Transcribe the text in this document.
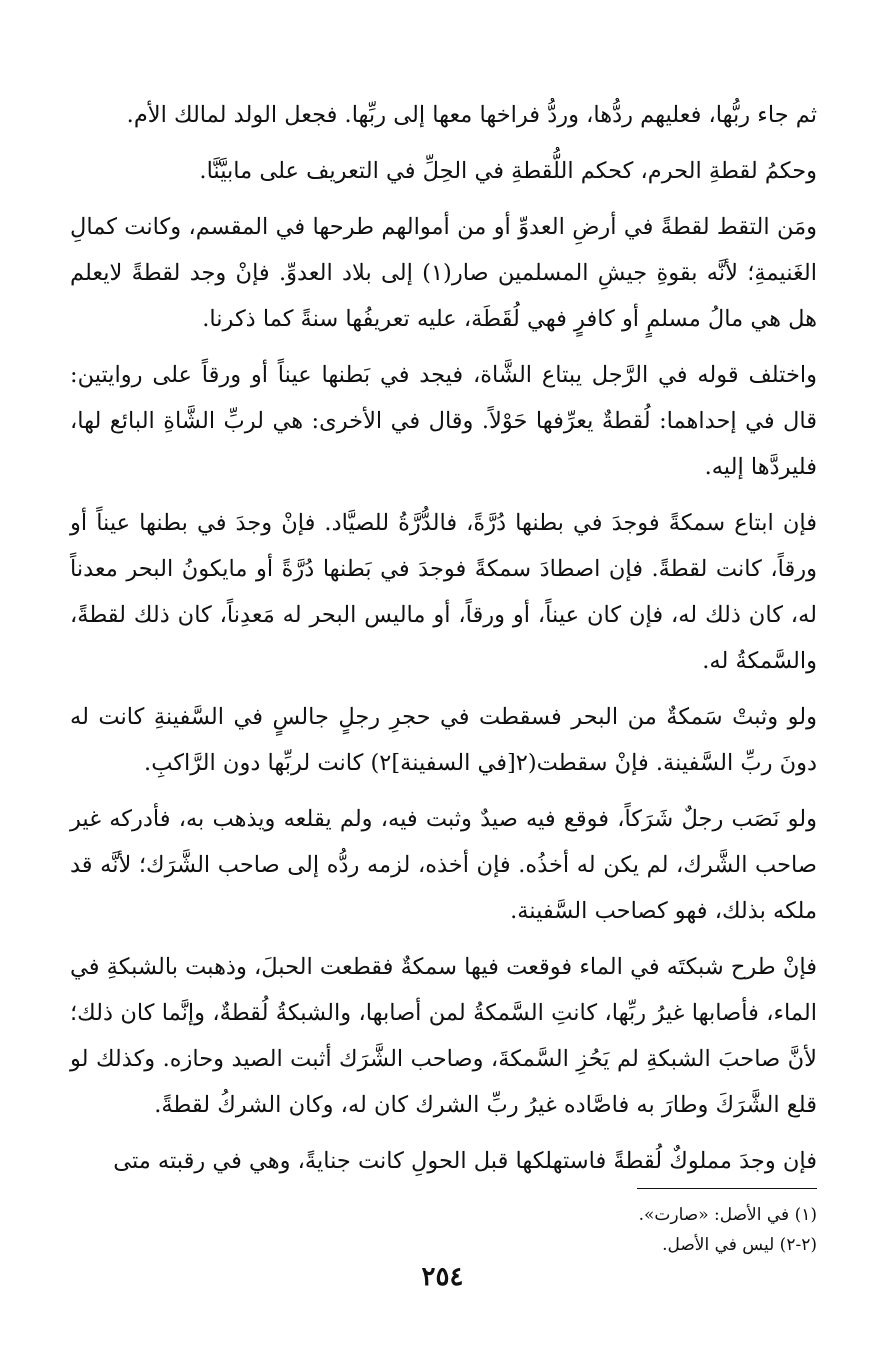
ثم جاء ربُّها، فعليهم ردُّها، وردُّ فراخها معها إلى ربِّها. فجعل الولد لمالك الأم.

وحكمُ لقطةِ الحرم، كحكم اللُّقطةِ في الحِلِّ في التعريف على مابيَّنَّا.

ومَن التقط لقطةً في أرضِ العدوِّ أو من أموالهم طرحها في المقسم، وكانت كمالِ الغَنيمةِ؛ لأنَّه بقوةِ جيشِ المسلمين صار(١) إلى بلاد العدوِّ. فإنْ وجد لقطةً لايعلم هل هي مالُ مسلمٍ أو كافرٍ فهي لُقَطَة، عليه تعريفُها سنةً كما ذكرنا.

واختلف قوله في الرَّجل يبتاع الشَّاة، فيجد في بَطنها عيناً أو ورقاً على روايتين: قال في إحداهما: لُقطةٌ يعرِّفها حَوْلاً. وقال في الأخرى: هي لربِّ الشَّاةِ البائع لها، فليردَّها إليه.

فإن ابتاع سمكةً فوجدَ في بطنها دُرَّةً، فالدُّرَّةُ للصيَّاد. فإنْ وجدَ في بطنها عيناً أو ورقاً، كانت لقطةً. فإن اصطادَ سمكةً فوجدَ في بَطنها دُرَّةً أو مايكونُ البحر معدناً له، كان ذلك له، فإن كان عيناً، أو ورقاً، أو ماليس البحر له مَعدِناً، كان ذلك لقطةً، والسَّمكةُ له.

ولو وثبتْ سَمكةٌ من البحر فسقطت في حجرِ رجلٍ جالسٍ في السَّفينةِ كانت له دونَ ربِّ السَّفينة. فإنْ سقطت(٢[في السفينة]٢) كانت لربِّها دون الرَّاكبِ.

ولو نَصَب رجلٌ شَرَكاً، فوقع فيه صيدٌ وثبت فيه، ولم يقلعه ويذهب به، فأدركه غير صاحب الشَّرك، لم يكن له أخذُه. فإن أخذه، لزمه ردُّه إلى صاحب الشَّرَك؛ لأنَّه قد ملكه بذلك، فهو كصاحب السَّفينة.

فإنْ طرح شبكتَه في الماء فوقعت فيها سمكةٌ فقطعت الحبلَ، وذهبت بالشبكةِ في الماء، فأصابها غيرُ ربِّها، كانتِ السَّمكةُ لمن أصابها، والشبكةُ لُقطةٌ، وإنَّما كان ذلك؛ لأنَّ صاحبَ الشبكةِ لم يَحُزِ السَّمكةَ، وصاحب الشَّرَك أثبت الصيد وحازه. وكذلك لو قلع الشَّرَكَ وطارَ به فاصَّاده غيرُ ربِّ الشرك كان له، وكان الشركُ لقطةً.

فإن وجدَ مملوكٌ لُقطةً فاستهلكها قبل الحولِ كانت جنايةً، وهي في رقبته متى

(١) في الأصل: «صارت».

(٢-٢) ليس في الأصل.

٢٥٤
